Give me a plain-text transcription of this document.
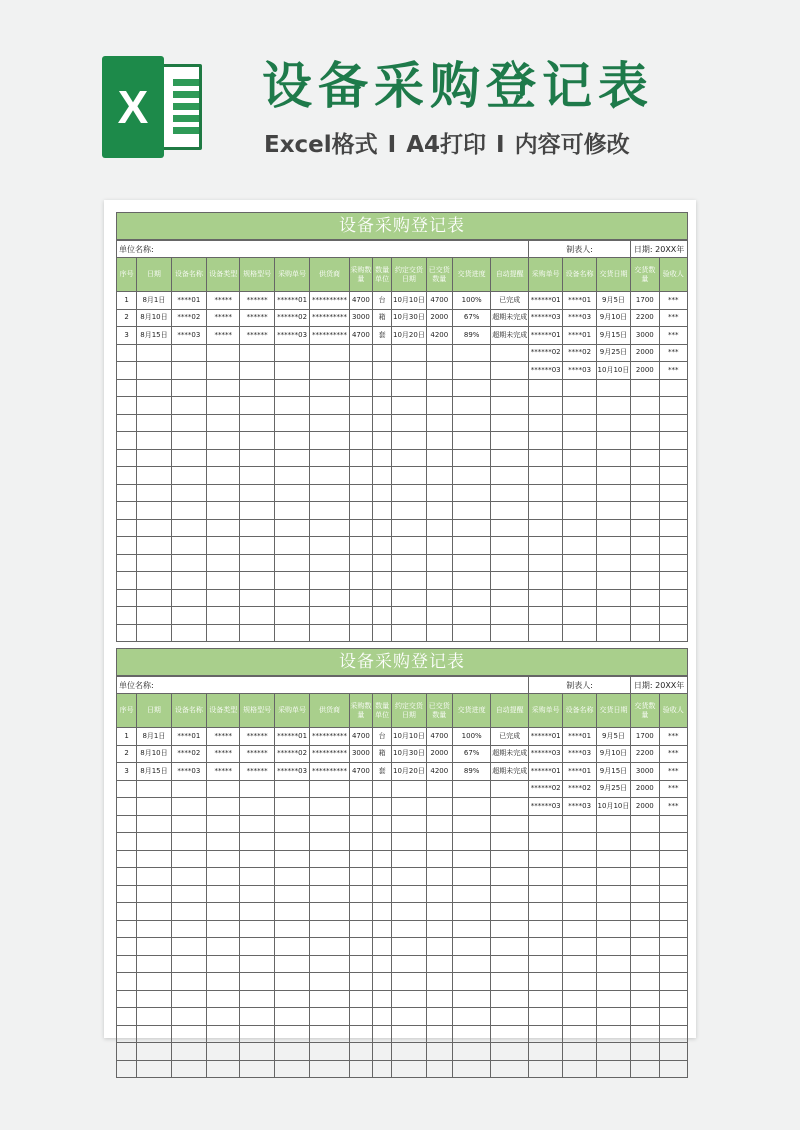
X	设备采购登记表
Excel格式 I A4打印 I 内容可修改
设备采购登记表
单位名称:													制表人:			日期: 20XX年	
序号	日期	设备名称	设备类型	规格型号	采购单号	供货商	采购数量	数量单位	约定交货日期	已交货数量	交货进度	自动提醒	采购单号	设备名称	交货日期	交货数量	验收人
1	8月1日	****01	*****	******	******01	**********	4700	台	10月10日	4700	100%	已完成	******01	****01	9月5日	1700	***
2	8月10日	****02	*****	******	******02	**********	3000	箱	10月30日	2000	67%	超期未完成	******03	****03	9月10日	2200	***
3	8月15日	****03	*****	******	******03	**********	4700	套	10月20日	4200	89%	超期未完成	******01	****01	9月15日	3000	***
													******02	****02	9月25日	2000	***
													******03	****03	10月10日	2000	***

设备采购登记表
单位名称:													制表人:			日期: 20XX年	
序号	日期	设备名称	设备类型	规格型号	采购单号	供货商	采购数量	数量单位	约定交货日期	已交货数量	交货进度	自动提醒	采购单号	设备名称	交货日期	交货数量	验收人
1	8月1日	****01	*****	******	******01	**********	4700	台	10月10日	4700	100%	已完成	******01	****01	9月5日	1700	***
2	8月10日	****02	*****	******	******02	**********	3000	箱	10月30日	2000	67%	超期未完成	******03	****03	9月10日	2200	***
3	8月15日	****03	*****	******	******03	**********	4700	套	10月20日	4200	89%	超期未完成	******01	****01	9月15日	3000	***
													******02	****02	9月25日	2000	***
													******03	****03	10月10日	2000	***
